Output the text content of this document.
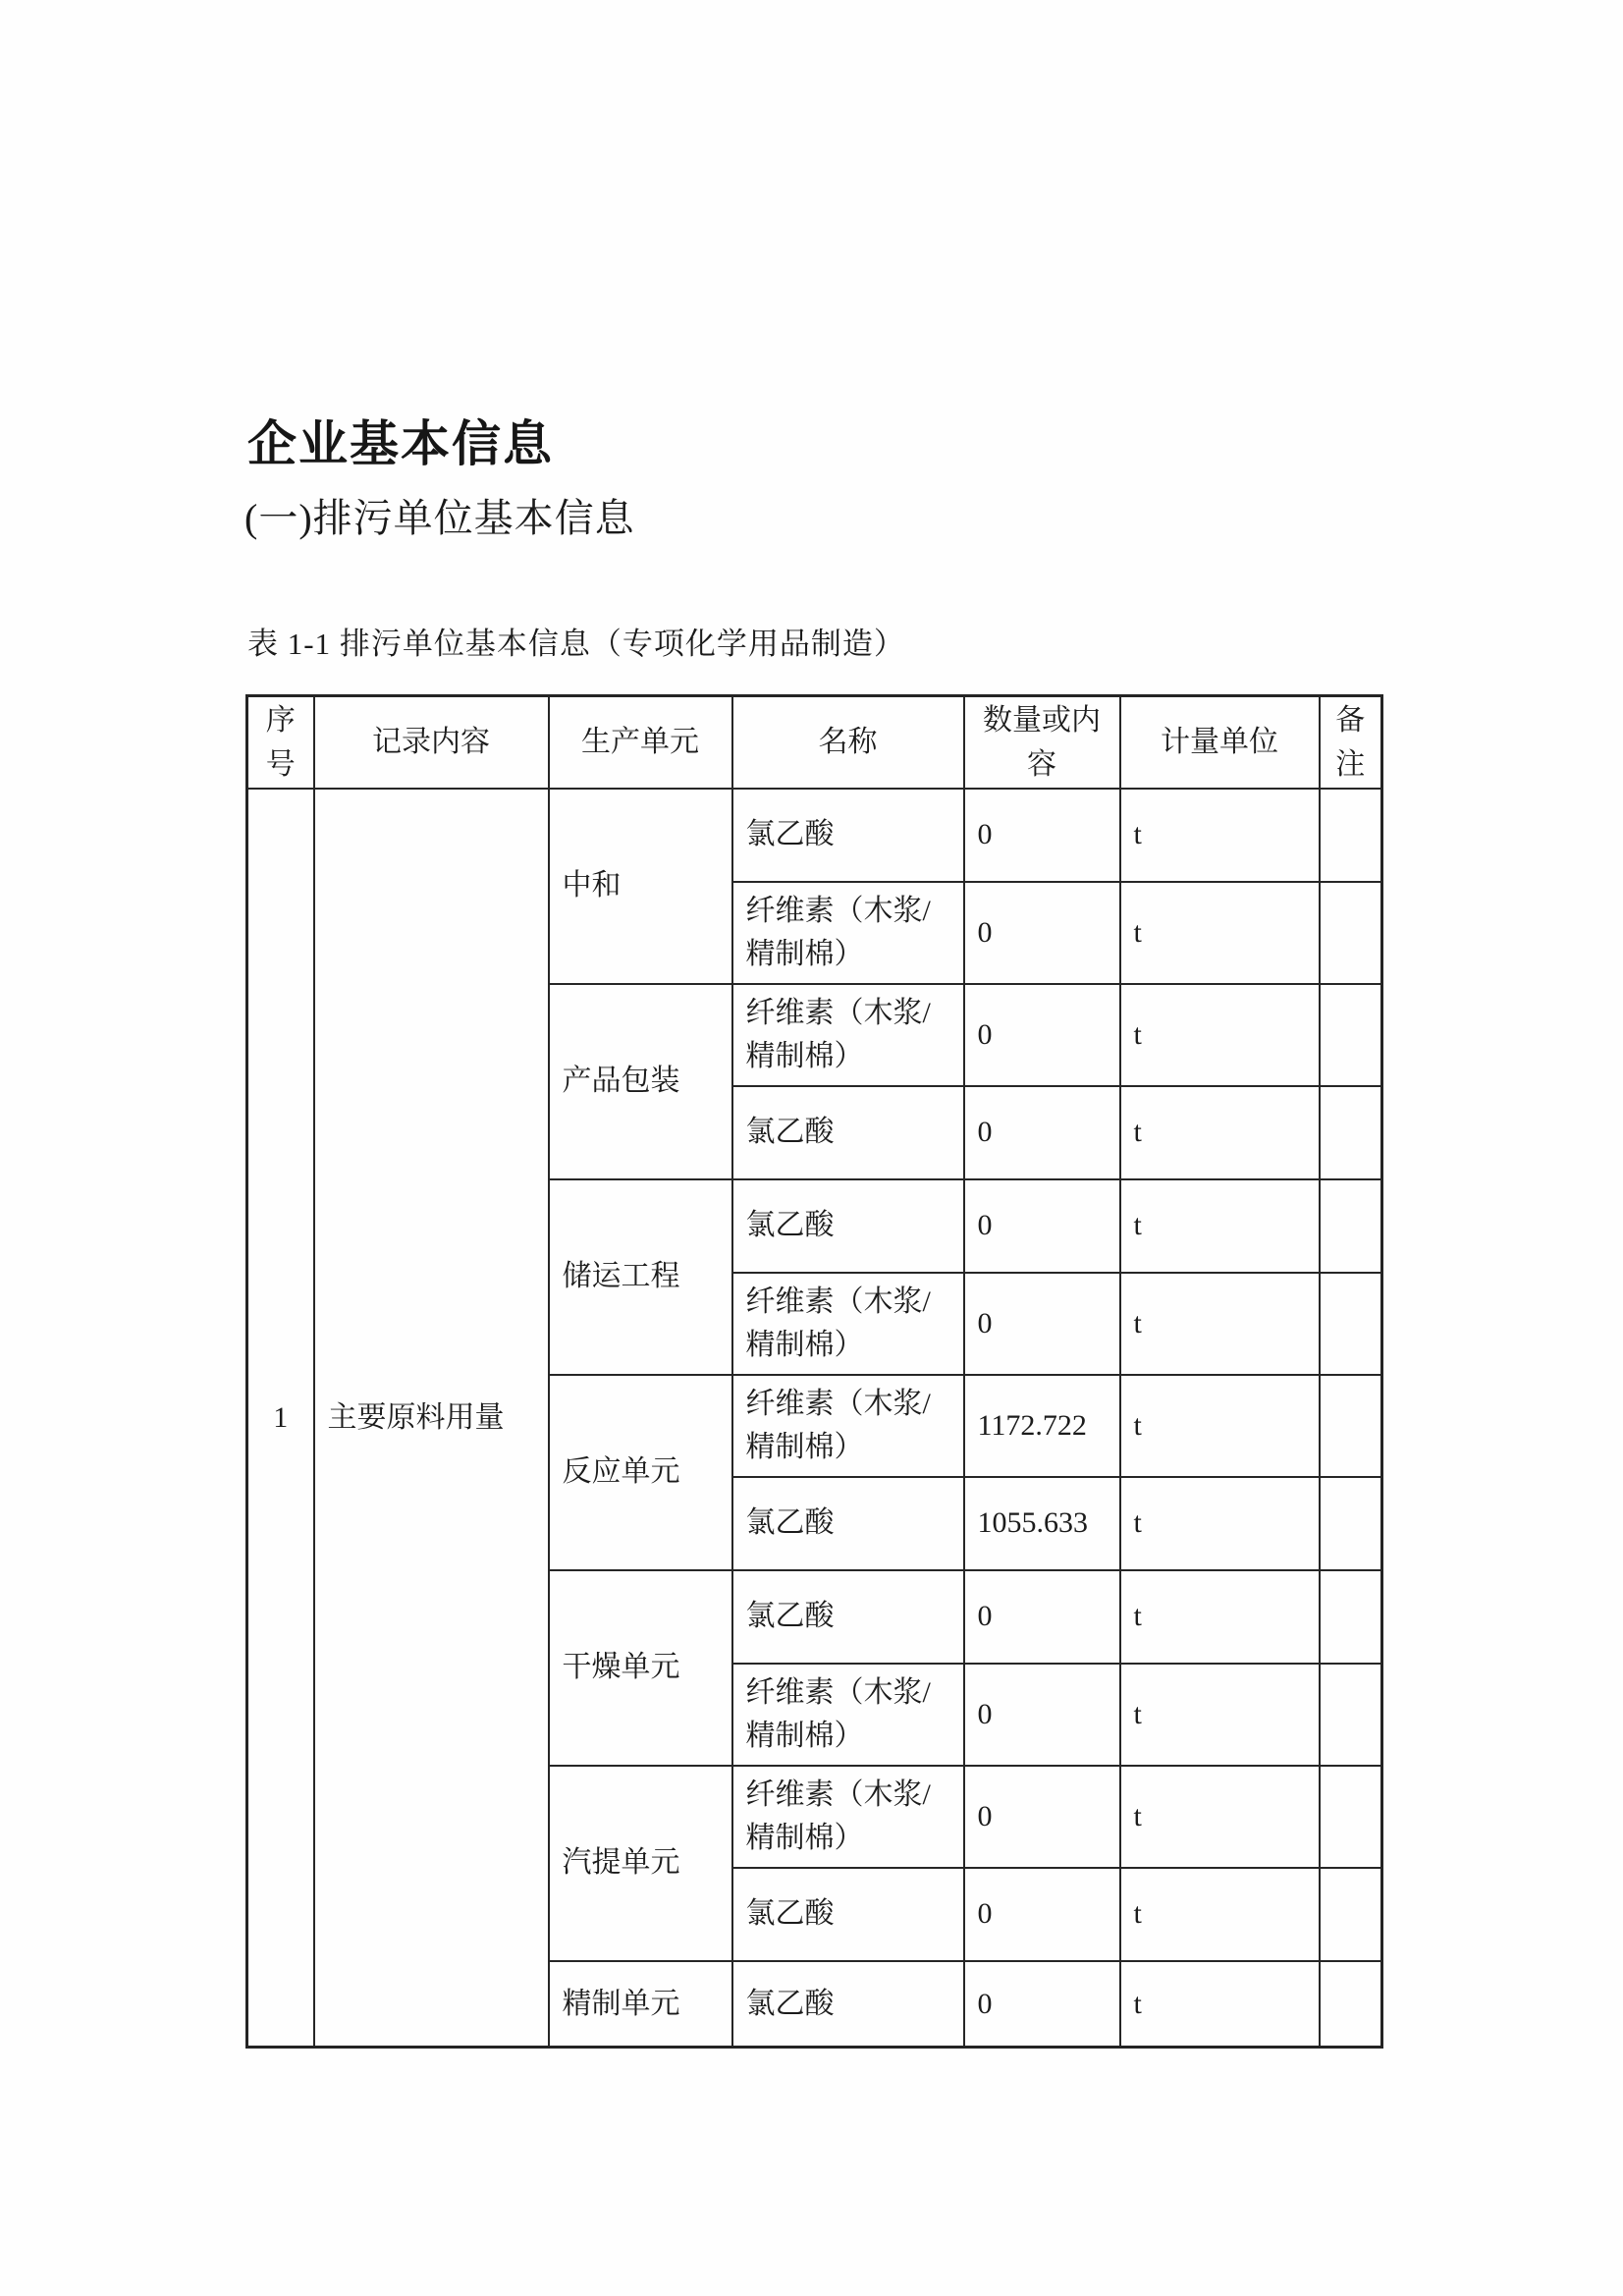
企业基本信息
(一)排污单位基本信息
表 1-1 排污单位基本信息（专项化学用品制造）
序号	记录内容	生产单元	名称	数量或内容	计量单位	备注
1	主要原料用量	中和	氯乙酸	0	t	
			纤维素（木浆/精制棉）	0	t	
		产品包装	纤维素（木浆/精制棉）	0	t	
			氯乙酸	0	t	
		储运工程	氯乙酸	0	t	
			纤维素（木浆/精制棉）	0	t	
		反应单元	纤维素（木浆/精制棉）	1172.722	t	
			氯乙酸	1055.633	t	
		干燥单元	氯乙酸	0	t	
			纤维素（木浆/精制棉）	0	t	
		汽提单元	纤维素（木浆/精制棉）	0	t	
			氯乙酸	0	t	
		精制单元	氯乙酸	0	t	
